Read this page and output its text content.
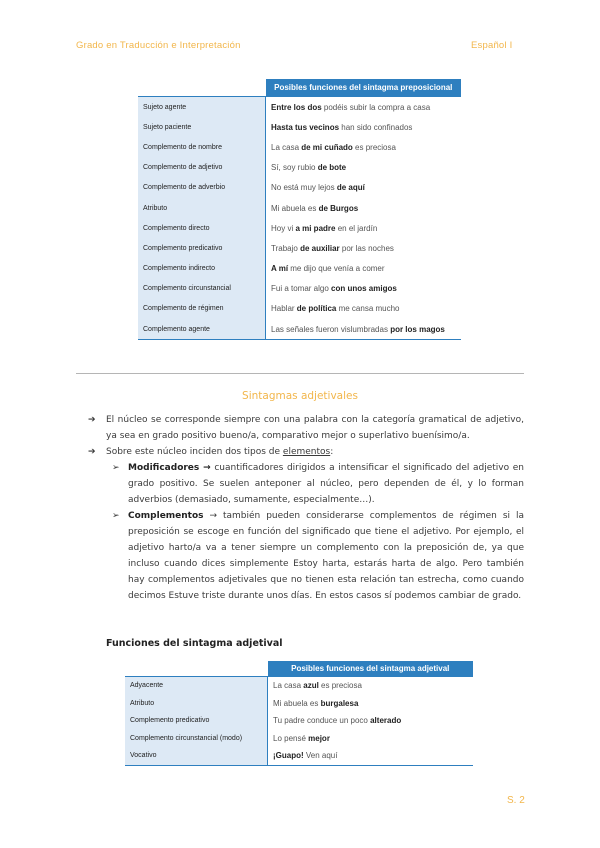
Grado en Traducción e Interpretación	Español I
	Posibles funciones del sintagma preposicional
Sujeto agente	Entre los dos podéis subir la compra a casa
Sujeto paciente	Hasta tus vecinos han sido confinados
Complemento de nombre	La casa de mi cuñado es preciosa
Complemento de adjetivo	Sí, soy rubio de bote
Complemento de adverbio	No está muy lejos de aquí
Atributo	Mi abuela es de Burgos
Complemento directo	Hoy vi a mi padre en el jardín
Complemento predicativo	Trabajo de auxiliar por las noches
Complemento indirecto	A mí me dijo que venía a comer
Complemento circunstancial	Fui a tomar algo con unos amigos
Complemento de régimen	Hablar de política me cansa mucho
Complemento agente	Las señales fueron vislumbradas por los magos
Sintagmas adjetivales
➔	El núcleo se corresponde siempre con una palabra con la categoría gramatical de adjetivo, ya sea en grado positivo bueno/a, comparativo mejor o superlativo buenísimo/a.
➔	Sobre este núcleo inciden dos tipos de elementos:
➢ Modificadores → cuantificadores dirigidos a intensificar el significado del adjetivo en grado positivo. Se suelen anteponer al núcleo, pero dependen de él, y lo forman adverbios (demasiado, sumamente, especialmente…).
➢ Complementos → también pueden considerarse complementos de régimen si la preposición se escoge en función del significado que tiene el adjetivo. Por ejemplo, el adjetivo harto/a va a tener siempre un complemento con la preposición de, ya que incluso cuando dices simplemente Estoy harta, estarás harta de algo. Pero también hay complementos adjetivales que no tienen esta relación tan estrecha, como cuando decimos Estuve triste durante unos días. En estos casos sí podemos cambiar de grado.
Funciones del sintagma adjetival
	Posibles funciones del sintagma adjetival
Adyacente	La casa azul es preciosa
Atributo	Mi abuela es burgalesa
Complemento predicativo	Tu padre conduce un poco alterado
Complemento circunstancial (modo)	Lo pensé mejor
Vocativo	¡Guapo! Ven aquí
S. 2
